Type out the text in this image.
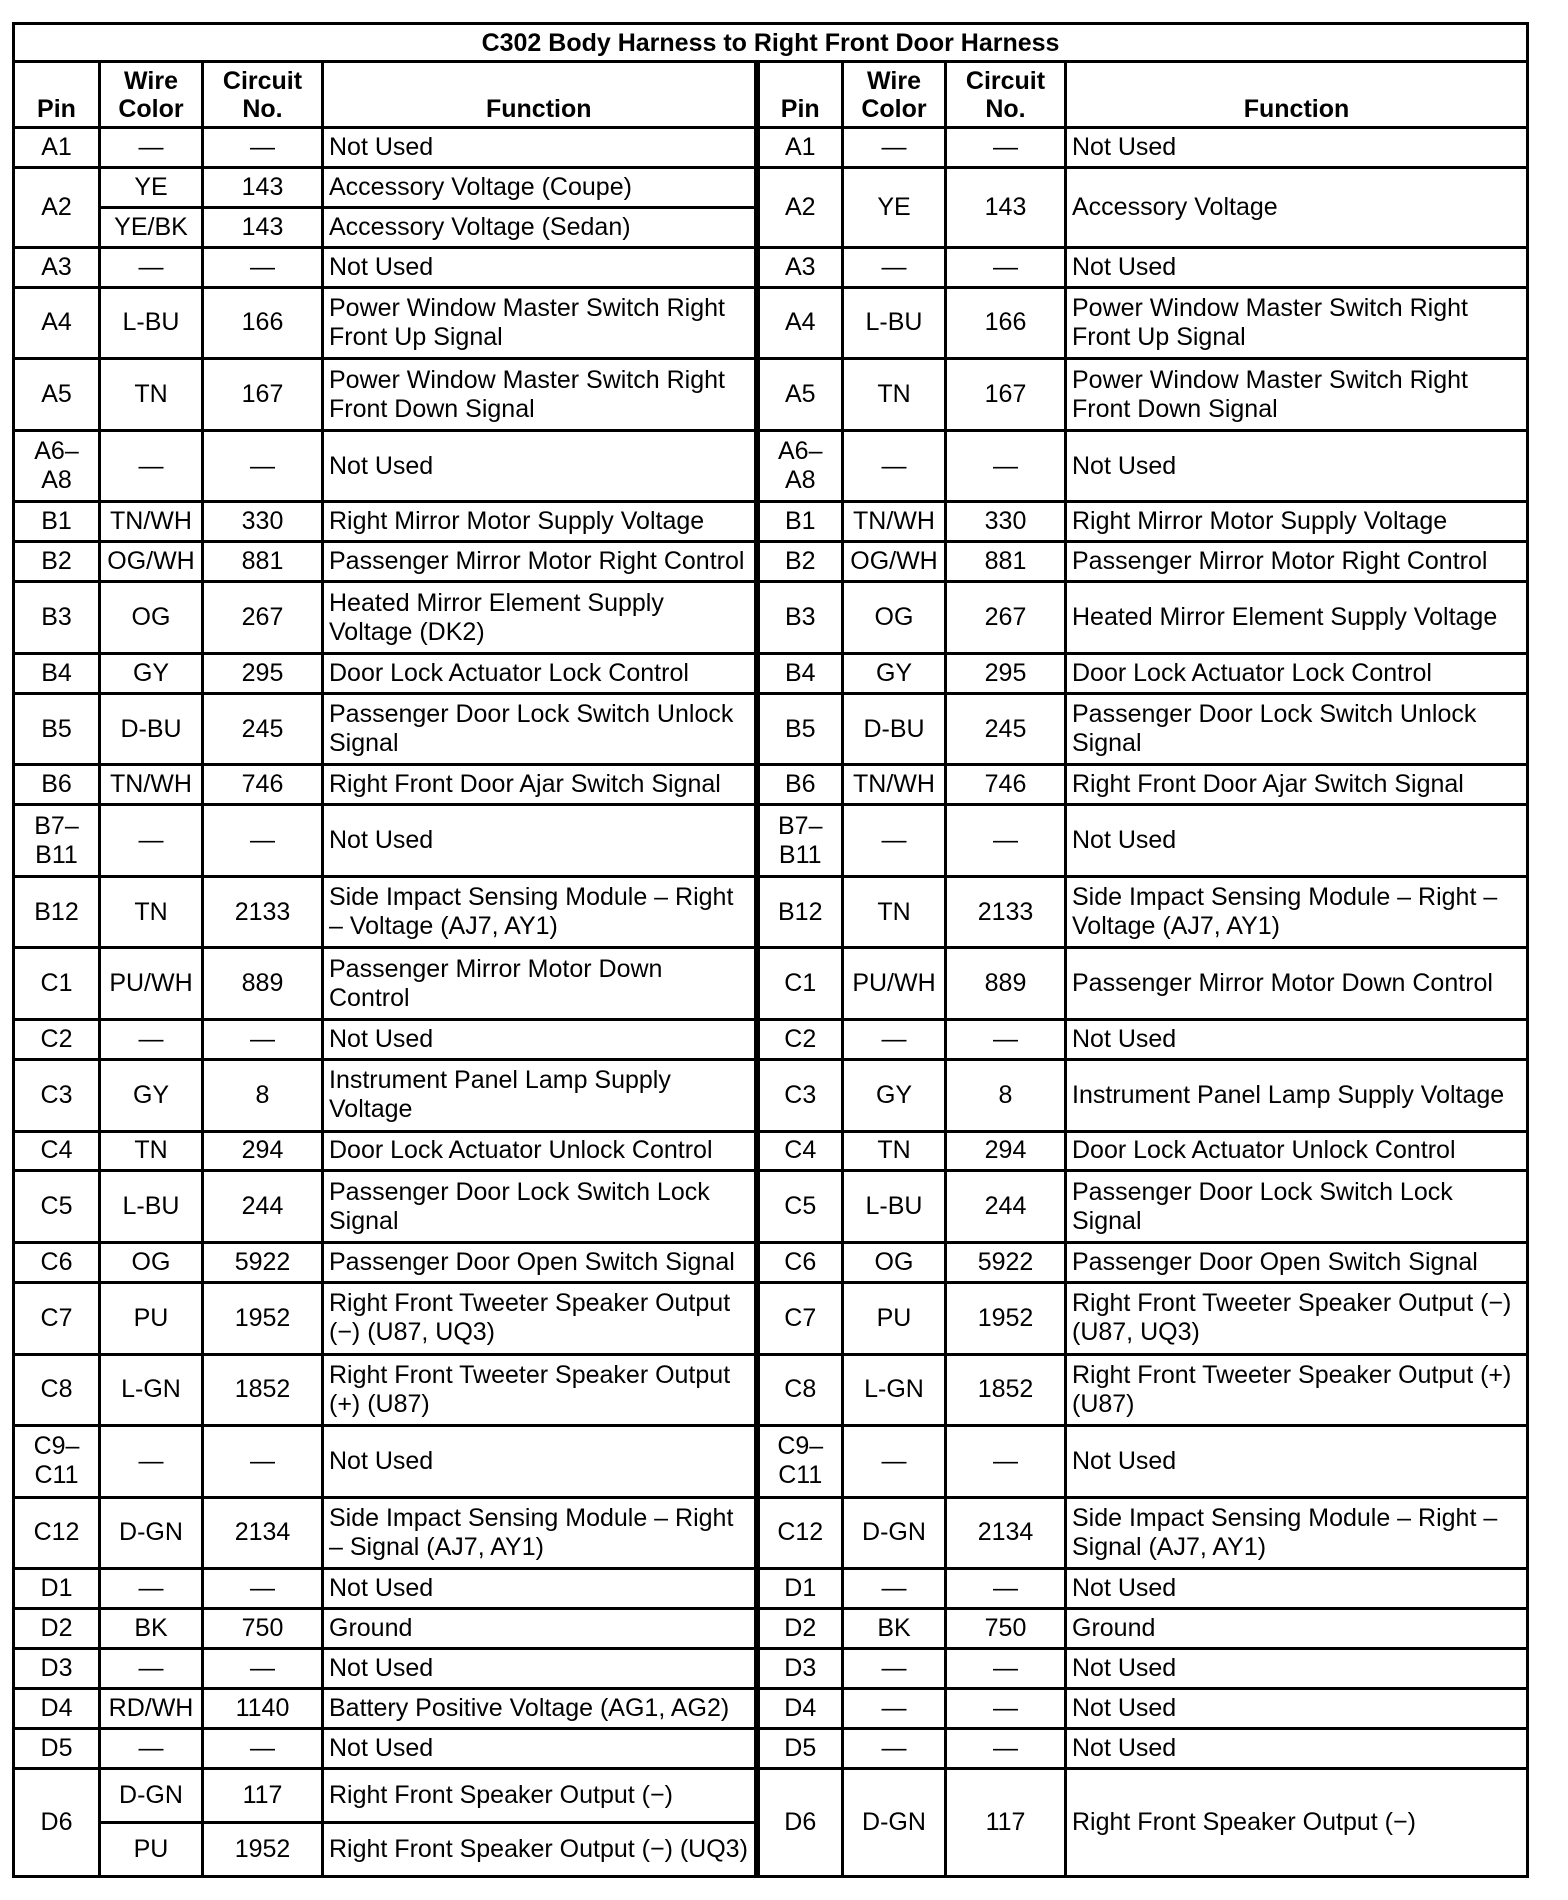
C302 Body Harness to Right Front Door Harness							
Pin	Wire Color	Circuit No.	Function	Pin	Wire Color	Circuit No.	Function
A1	—	—	Not Used	A1	—	—	Not Used
A2	YE	143	Accessory Voltage (Coupe)	A2	YE	143	Accessory Voltage
	YE/BK	143	Accessory Voltage (Sedan)				
A3	—	—	Not Used	A3	—	—	Not Used
A4	L-BU	166	Power Window Master Switch Right Front Up Signal	A4	L-BU	166	Power Window Master Switch Right Front Up Signal
A5	TN	167	Power Window Master Switch Right Front Down Signal	A5	TN	167	Power Window Master Switch Right Front Down Signal
A6–A8	—	—	Not Used	A6–A8	—	—	Not Used
B1	TN/WH	330	Right Mirror Motor Supply Voltage	B1	TN/WH	330	Right Mirror Motor Supply Voltage
B2	OG/WH	881	Passenger Mirror Motor Right Control	B2	OG/WH	881	Passenger Mirror Motor Right Control
B3	OG	267	Heated Mirror Element Supply Voltage (DK2)	B3	OG	267	Heated Mirror Element Supply Voltage
B4	GY	295	Door Lock Actuator Lock Control	B4	GY	295	Door Lock Actuator Lock Control
B5	D-BU	245	Passenger Door Lock Switch Unlock Signal	B5	D-BU	245	Passenger Door Lock Switch Unlock Signal
B6	TN/WH	746	Right Front Door Ajar Switch Signal	B6	TN/WH	746	Right Front Door Ajar Switch Signal
B7–B11	—	—	Not Used	B7–B11	—	—	Not Used
B12	TN	2133	Side Impact Sensing Module – Right – Voltage (AJ7, AY1)	B12	TN	2133	Side Impact Sensing Module – Right – Voltage (AJ7, AY1)
C1	PU/WH	889	Passenger Mirror Motor Down Control	C1	PU/WH	889	Passenger Mirror Motor Down Control
C2	—	—	Not Used	C2	—	—	Not Used
C3	GY	8	Instrument Panel Lamp Supply Voltage	C3	GY	8	Instrument Panel Lamp Supply Voltage
C4	TN	294	Door Lock Actuator Unlock Control	C4	TN	294	Door Lock Actuator Unlock Control
C5	L-BU	244	Passenger Door Lock Switch Lock Signal	C5	L-BU	244	Passenger Door Lock Switch Lock Signal
C6	OG	5922	Passenger Door Open Switch Signal	C6	OG	5922	Passenger Door Open Switch Signal
C7	PU	1952	Right Front Tweeter Speaker Output (−) (U87, UQ3)	C7	PU	1952	Right Front Tweeter Speaker Output (−) (U87, UQ3)
C8	L-GN	1852	Right Front Tweeter Speaker Output (+) (U87)	C8	L-GN	1852	Right Front Tweeter Speaker Output (+) (U87)
C9–C11	—	—	Not Used	C9–C11	—	—	Not Used
C12	D-GN	2134	Side Impact Sensing Module – Right – Signal (AJ7, AY1)	C12	D-GN	2134	Side Impact Sensing Module – Right – Signal (AJ7, AY1)
D1	—	—	Not Used	D1	—	—	Not Used
D2	BK	750	Ground	D2	BK	750	Ground
D3	—	—	Not Used	D3	—	—	Not Used
D4	RD/WH	1140	Battery Positive Voltage (AG1, AG2)	D4	—	—	Not Used
D5	—	—	Not Used	D5	—	—	Not Used
D6	D-GN	117	Right Front Speaker Output (−)	D6	D-GN	117	Right Front Speaker Output (−)
	PU	1952	Right Front Speaker Output (−) (UQ3)				
